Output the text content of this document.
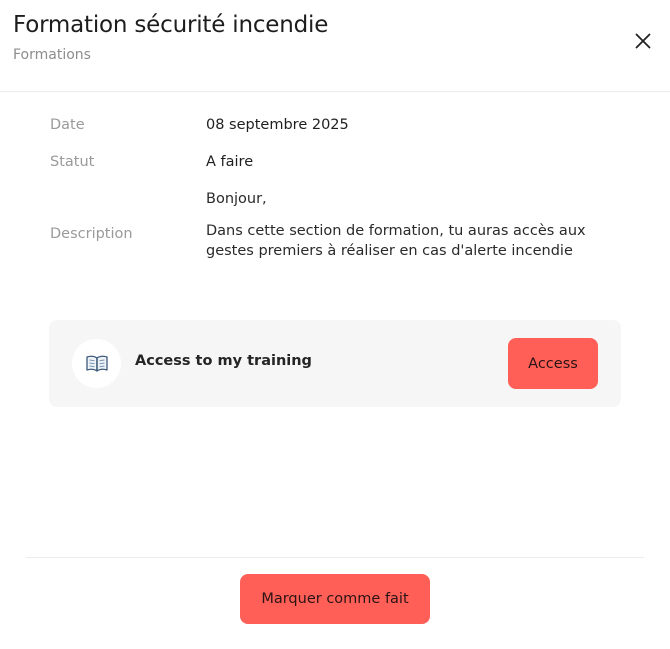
Formation sécurité incendie
Formations
Date	08 septembre 2025
Statut	A faire
Description

Bonjour,

Dans cette section de formation, tu auras accès aux gestes premiers à réaliser en cas d'alerte incendie

Access to my training	Access
Marquer comme fait
